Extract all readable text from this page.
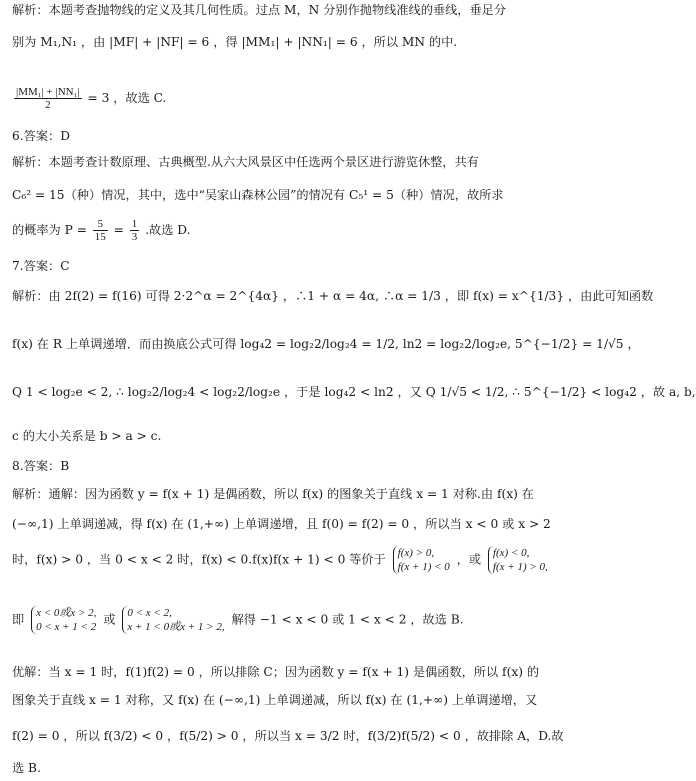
解析：本题考查抛物线的定义及其几何性质。过点 M，N 分别作抛物线准线的垂线，垂足分
别为 M₁,N₁ ，由 |MF| + |NF| = 6 ，得 |MM₁| + |NN₁| = 6 ，所以 MN 的中.
$\frac{\text{|MM₁| + |NN₁|}}{2} = 3$ ，故选 C.
6.答案：D
解析：本题考查计数原理、古典概型.从六大风景区中任选两个景区进行游览休整，共有
C₆² = 15（种）情况，其中，选中“吴家山森林公园”的情况有 C₅¹ = 5（种）情况，故所求
的概率为 $P = \frac{5}{15} = \frac{1}{3}$ .故选 D.
7.答案：C
解析：由 2f(2) = f(16) 可得 2·2^α = 2^{4α} ，∴1 + α = 4α, ∴α = 1/3 ，即 f(x) = x^{1/3} ，由此可知函数
f(x) 在 R 上单调递增．而由换底公式可得 log₄2 = log₂2/log₂4 = 1/2, ln2 = log₂2/log₂e, 5^{−1/2} = 1/√5 ，
Q 1 < log₂e < 2, ∴ log₂2/log₂4 < log₂2/log₂e ，于是 log₄2 < ln2 ，又 Q 1/√5 < 1/2, ∴ 5^{−1/2} < log₄2 ，故 a, b,
c 的大小关系是 b > a > c.
8.答案：B
解析：通解：因为函数 y = f(x + 1) 是偶函数，所以 f(x) 的图象关于直线 x = 1 对称.由 f(x) 在
(−∞,1) 上单调递减，得 f(x) 在 (1,+∞) 上单调递增，且 f(0) = f(2) = 0 ，所以当 x < 0 或 x > 2
时，f(x) > 0 ，当 0 < x < 2 时，f(x) < 0.f(x)f(x + 1) < 0 等价于 f(x) > 0,
f(x + 1) < 0
，或 f(x) < 0,
f(x + 1) > 0,
即 x < 0或x > 2,
0 < x + 1 < 2
或 0 < x < 2,
x + 1 < 0或x + 1 > 2,
解得 −1 < x < 0 或 1 < x < 2 ，故选 B.
优解：当 x = 1 时，f(1)f(2) = 0 ，所以排除 C；因为函数 y = f(x + 1) 是偶函数，所以 f(x) 的
图象关于直线 x = 1 对称，又 f(x) 在 (−∞,1) 上单调递减，所以 f(x) 在 (1,+∞) 上单调递增，又
f(2) = 0 ，所以 f(3/2) < 0 ，f(5/2) > 0 ，所以当 x = 3/2 时，f(3/2)f(5/2) < 0 ，故排除 A，D.故
选 B.
